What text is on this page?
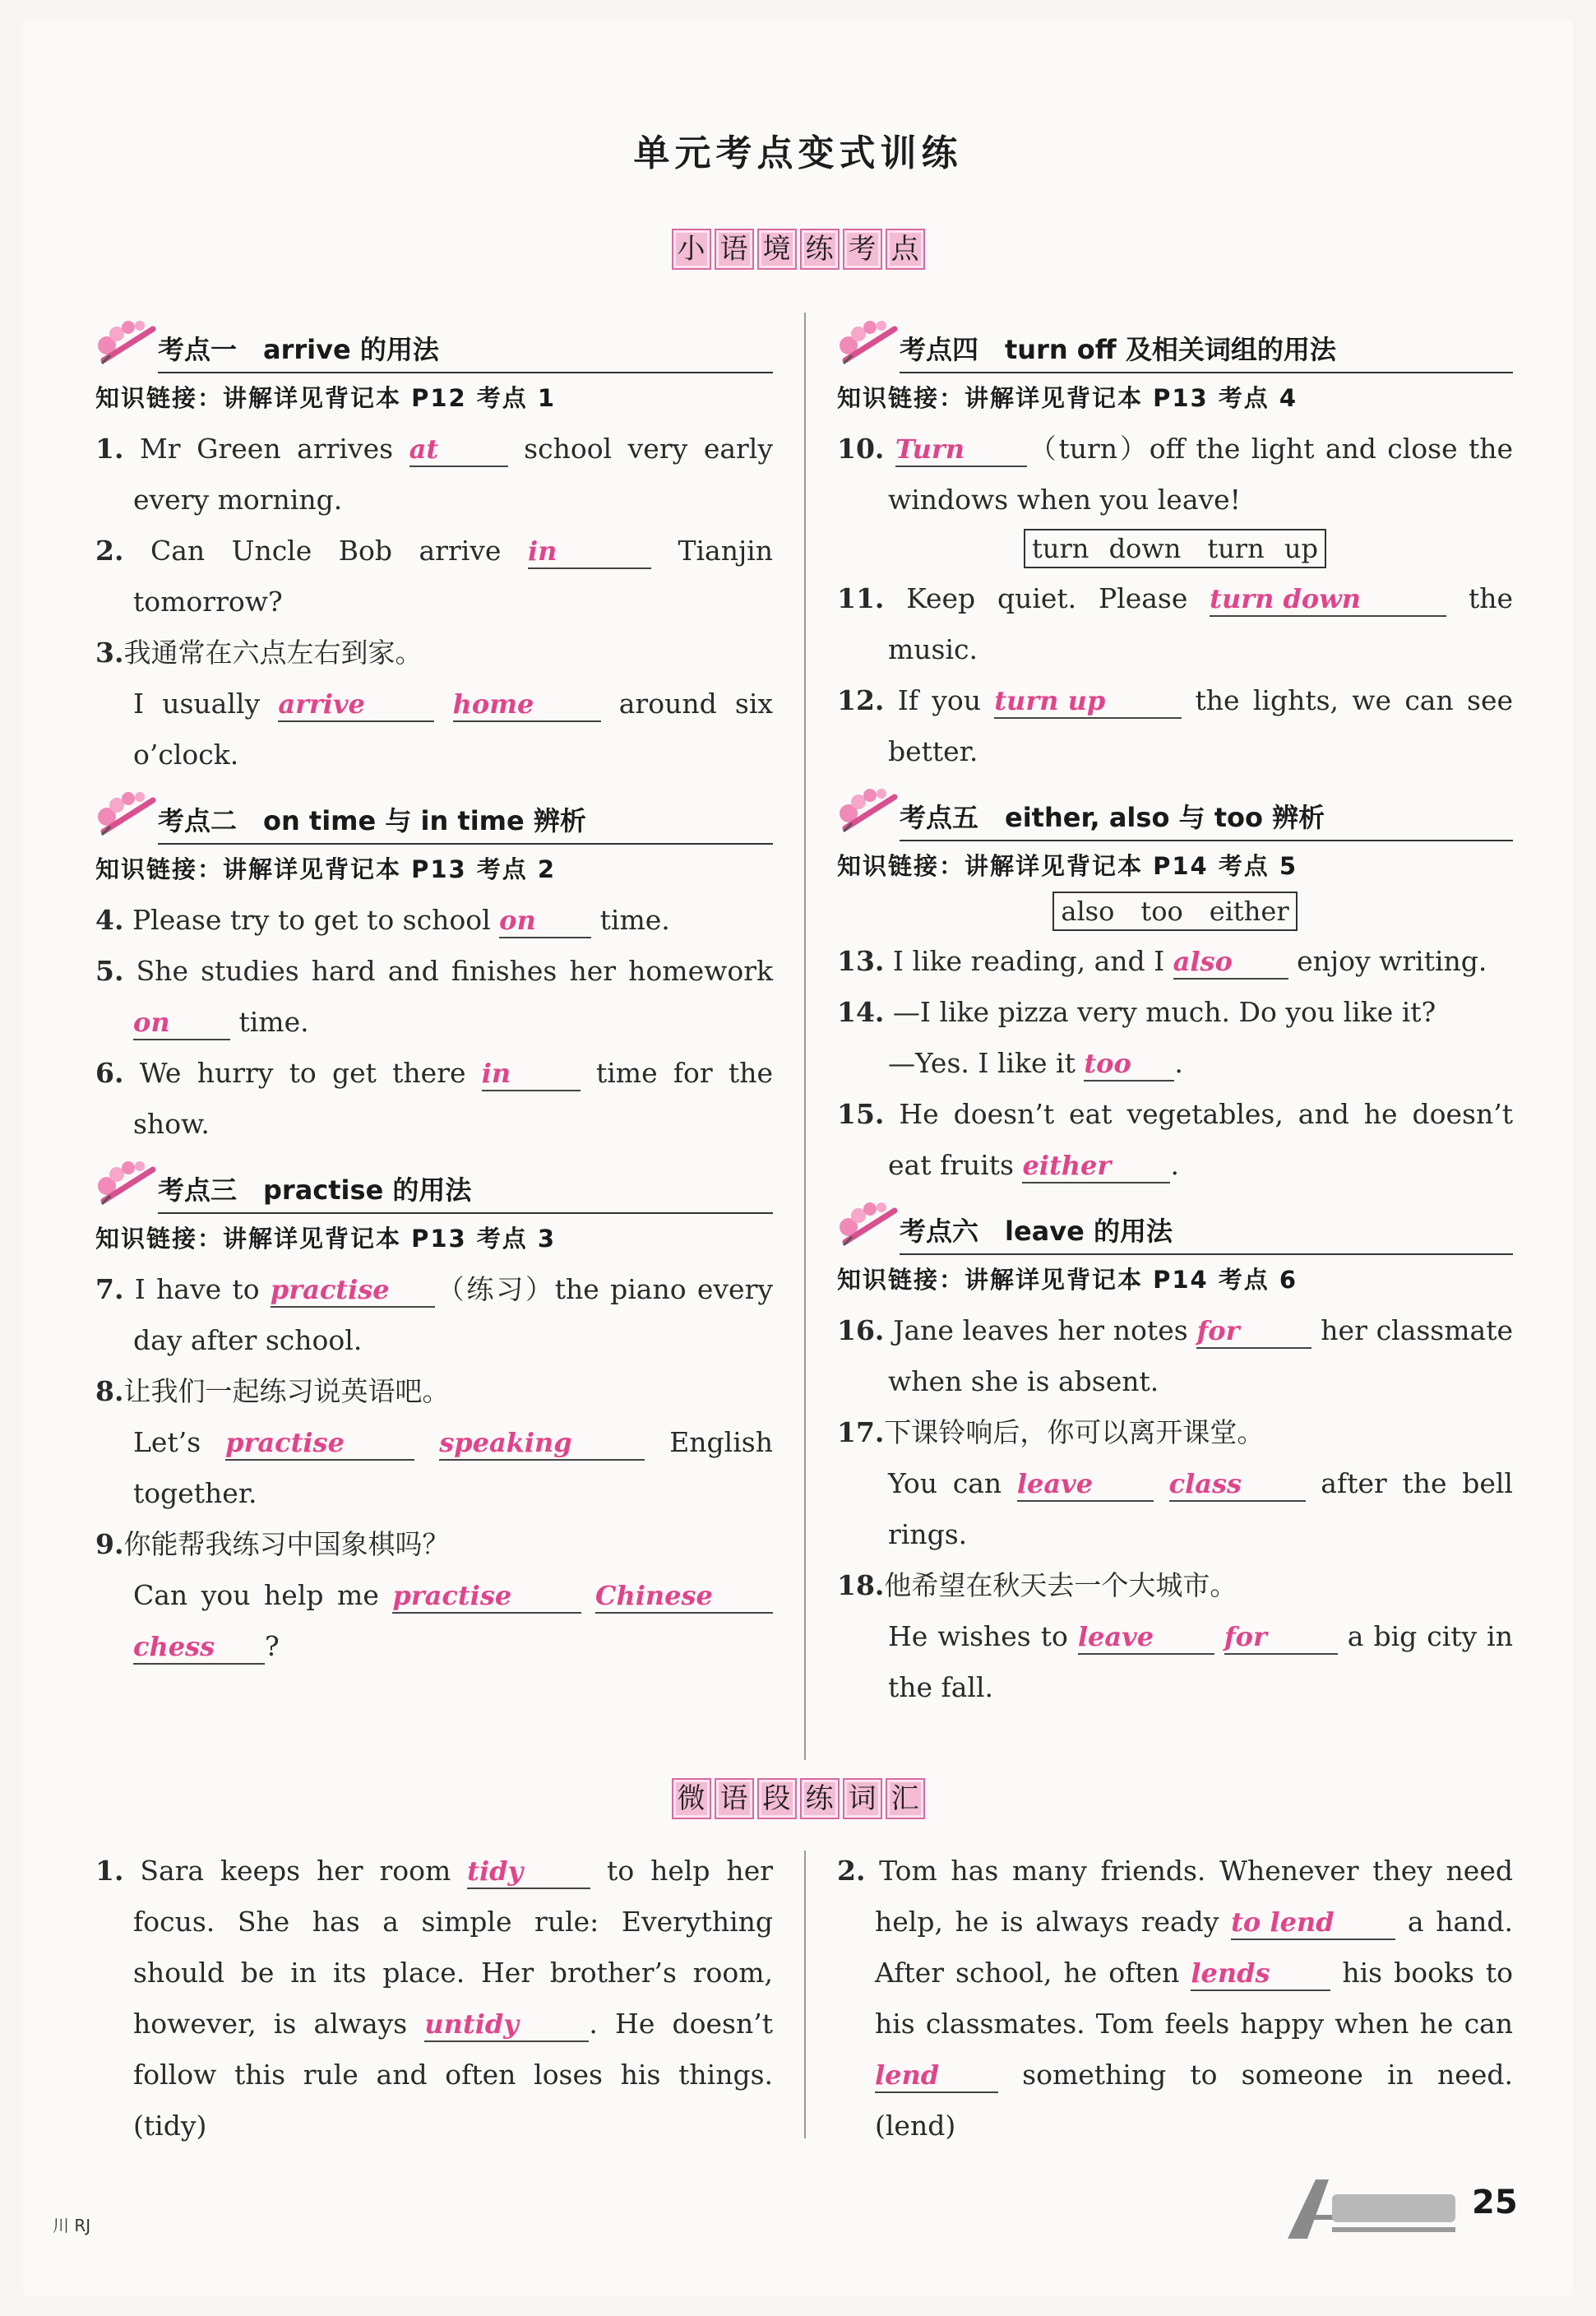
单元考点变式训练
小 语 境 练 考 点
考点一　arrive 的用法
知识链接：讲解详见背记本 P12 考点 1

1. Mr Green arrives at	school very early every morning.

2. Can Uncle Bob arrive in	Tianjin tomorrow?

3.我通常在六点左右到家。

I usually arrive	home around six o’clock.
考点二　on time 与 in time 辨析
知识链接：讲解详见背记本 P13 考点 2

4. Please try to get to school on time.

5. She studies hard and finishes her homework on time.

6. We hurry to get there in	time for the show.

考点三　practise 的用法
知识链接：讲解详见背记本 P13 考点 3

7. I have to practise （练习）the piano every day after school.

8.让我们一起练习说英语吧。

Let’s practise	speaking	English together.

9.你能帮我练习中国象棋吗？

Can you help me practise	Chinese chess ?
考点四　turn off 及相关词组的用法
知识链接：讲解详见背记本 P13 考点 4

10. Turn （turn）off the light and close the windows when you leave!

turn down　turn up

11. Keep quiet. Please turn down	the music.

12. If you turn up	the lights, we can see better.

考点五　either, also 与 too 辨析
知识链接：讲解详见背记本 P14 考点 5
also　too　either

13. I like reading, and I also enjoy writing.

14. —I like pizza very much. Do you like it?

—Yes. I like it too .

15. He doesn’t eat vegetables, and he doesn’t eat fruits either .

考点六　leave 的用法
知识链接：讲解详见背记本 P14 考点 6

16. Jane leaves her notes for	her classmate when she is absent.

17.下课铃响后，你可以离开课堂。

You can leave	class after the bell rings.

18.他希望在秋天去一个大城市。

He wishes to leave	for	a big city in the fall.
微 语 段 练 词 汇

1. Sara keeps her room tidy to help her focus. She has a simple rule: Everything should be in its place. Her brother’s room, however, is always untidy	. He doesn’t follow this rule and often loses his things. (tidy)

2. Tom has many friends. Whenever they need help, he is always ready to lend a hand. After school, he often lends his books to his classmates. Tom feels happy when he can lend something to someone in need. (lend)

川 RJ
25
